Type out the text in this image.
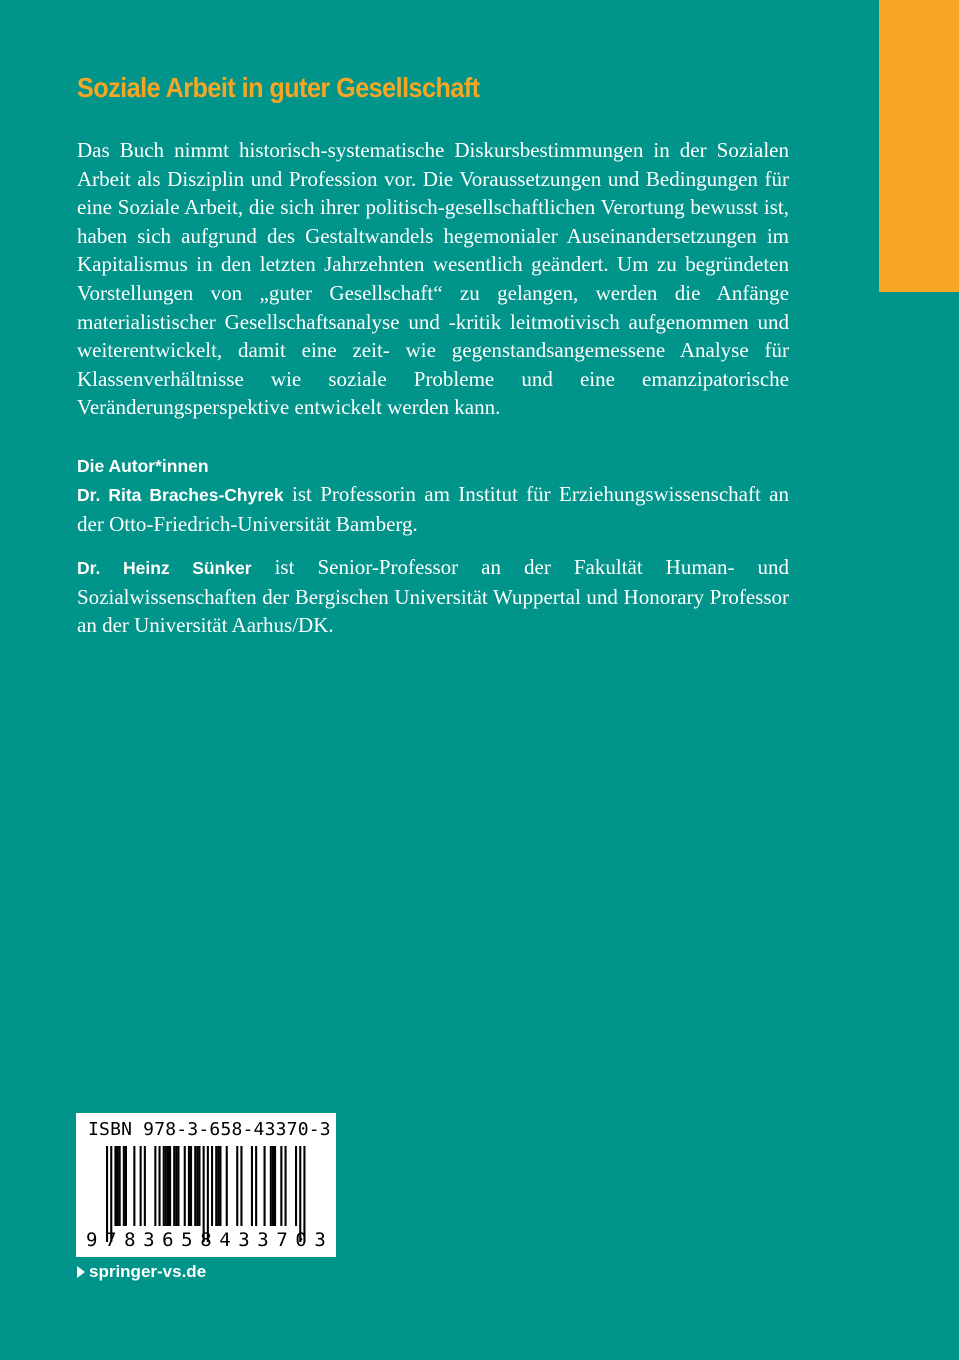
Soziale Arbeit in guter Gesellschaft

Das Buch nimmt historisch-systematische Diskursbestimmungen in der Sozialen Arbeit als Disziplin und Profession vor. Die Voraussetzungen und Bedingungen für eine Soziale Arbeit, die sich ihrer politisch-gesellschaftlichen Verortung bewusst ist, haben sich aufgrund des Gestaltwandels hegemonialer Auseinandersetzungen im Kapitalismus in den letzten Jahrzehnten wesentlich geändert. Um zu begründeten Vorstellungen von „guter Gesellschaft“ zu gelangen, werden die Anfänge materialistischer Gesellschaftsanalyse und -kritik leitmotivisch aufgenommen und weiterentwickelt, damit eine zeit- wie gegenstandsangemessene Analyse für Klassenverhältnisse wie soziale Probleme und eine emanzipatorische Veränderungsperspektive entwickelt werden kann.

Die Autor*innen

Dr. Rita Braches-Chyrek ist Professorin am Institut für Erziehungswissenschaft an der Otto-Friedrich-Universität Bamberg.

Dr. Heinz Sünker ist Senior-Professor an der Fakultät Human- und Sozialwissenschaften der Bergischen Universität Wuppertal und Honorary Professor an der Universität Aarhus/DK.

ISBN 978-3-658-43370-3
9 7 8 3 6 5 8 4 3 3 7 0 3
springer-vs.de
